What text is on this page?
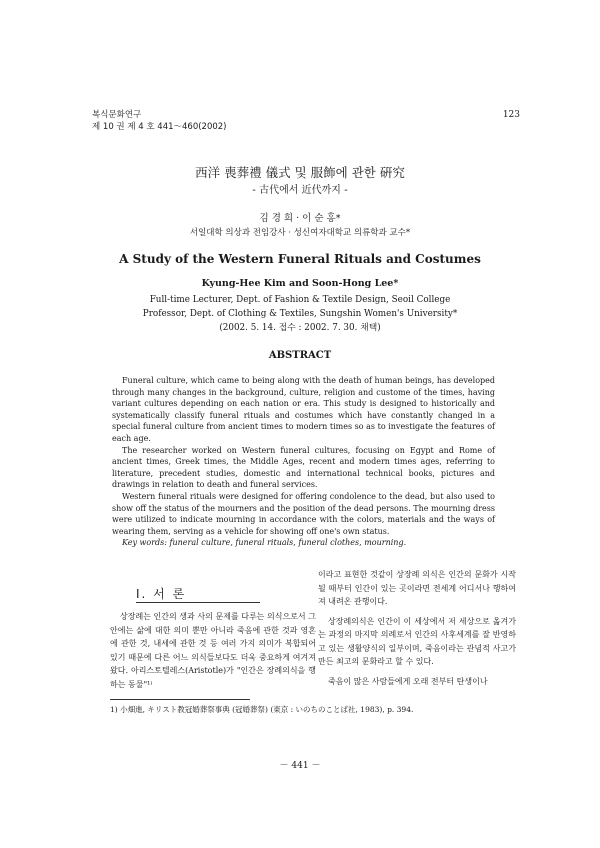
복식문화연구
제 10 권 제 4 호 441～460(2002)
123
西洋 喪葬禮 儀式 및 服飾에 관한 硏究
- 古代에서 近代까지 -
김 경 희 · 이 순 홍*
서일대학 의상과 전임강사 · 성신여자대학교 의류학과 교수*
A Study of the Western Funeral Rituals and Costumes
Kyung-Hee Kim and Soon-Hong Lee*
Full-time Lecturer, Dept. of Fashion & Textile Design, Seoil College
Professor, Dept. of Clothing & Textiles, Sungshin Women's University*
(2002. 5. 14. 접수 : 2002. 7. 30. 채택)
ABSTRACT

Funeral culture, which came to being along with the death of human beings, has developed through many changes in the background, culture, religion and custome of the times, having variant cultures depending on each nation or era. This study is designed to historically and systematically classify funeral rituals and costumes which have constantly changed in a special funeral culture from ancient times to modern times so as to investigate the features of each age.

The researcher worked on Western funeral cultures, focusing on Egypt and Rome of ancient times, Greek times, the Middle Ages, recent and modern times ages, referring to literature, precedent studies, domestic and international technical books, pictures and drawings in relation to death and funeral services.

Western funeral rituals were designed for offering condolence to the dead, but also used to show off the status of the mourners and the position of the dead persons. The mourning dress were utilized to indicate mourning in accordance with the colors, materials and the ways of wearing them, serving as a vehicle for showing off one's own status.

Key words: funeral culture, funeral rituals, funeral clothes, mourning.

Ⅰ. 서 론

상장례는 인간의 생과 사의 문제를 다루는 의식으로서 그 안에는 삶에 대한 의미 뿐만 아니라 죽음에 관한 것과 영혼에 관한 것, 내세에 관한 것 등 여러 가지 의미가 복합되어 있기 때문에 다른 어느 의식들보다도 더욱 중요하게 여겨져 왔다. 아리스토텔레스(Aristotle)가 "인간은 장례의식을 행하는 동물"¹⁾

이라고 표현한 것같이 상장례 의식은 인간의 문화가 시작될 때부터 인간이 있는 곳이라면 전세계 어디서나 행하여져 내려온 관행이다.

상장례의식은 인간이 이 세상에서 저 세상으로 옮겨가는 과정의 마지막 의례로서 인간의 사후세계를 잘 반영하고 있는 생활양식의 일부이며, 죽음이라는 관념적 사고가 만든 최고의 문화라고 할 수 있다.

죽음이 많은 사람들에게 오래 전부터 탄생이나

1) 小畑進, キリスト教冠婚葬祭事典 (冠婚葬祭) (東京 : いのちのことば社, 1983), p. 394.
－ 441 －
